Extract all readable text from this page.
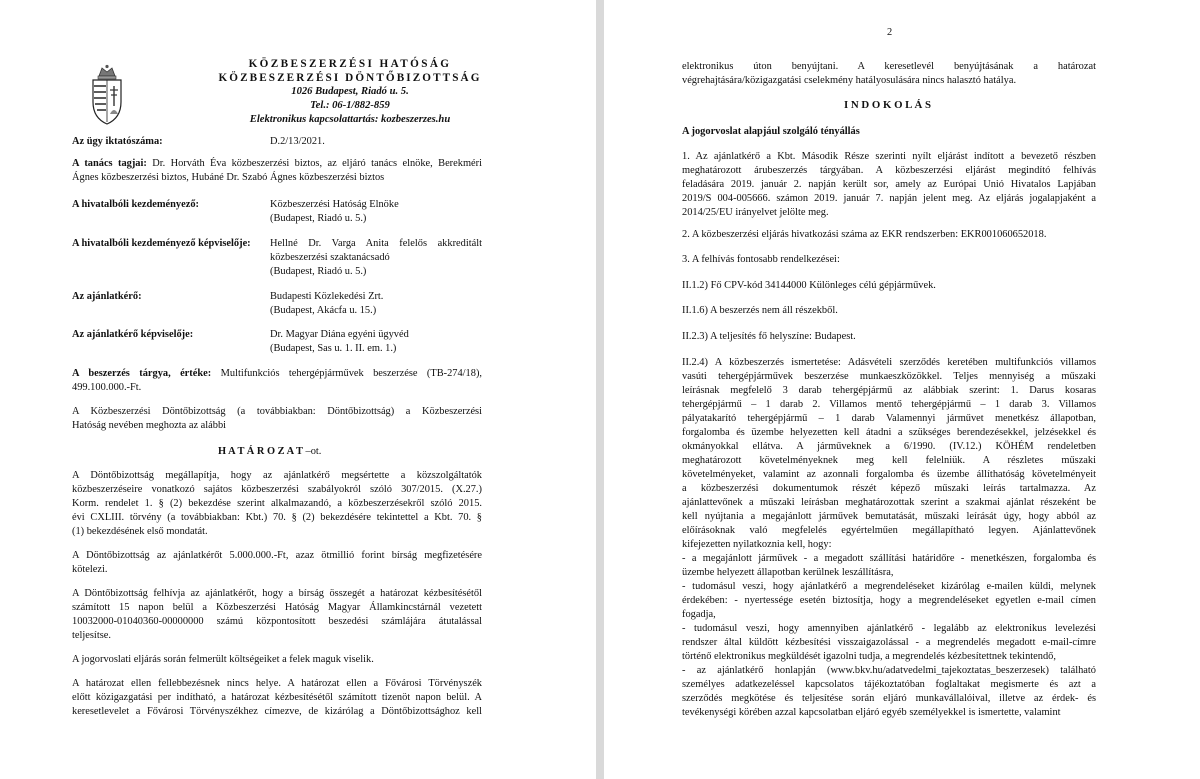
KÖZBESZERZÉSI HATÓSÁG
KÖZBESZERZÉSI DÖNTŐBIZOTTSÁG
1026 Budapest, Riadó u. 5.
Tel.: 06-1/882-859
Elektronikus kapcsolattartás: kozbeszerzes.hu
Az ügy iktatószáma:	D.2/13/2021.
A tanács tagjai: Dr. Horváth Éva közbeszerzési biztos, az eljáró tanács elnöke, Berekméri
Ágnes közbeszerzési biztos, Hubáné Dr. Szabó Ágnes közbeszerzési biztos
A hivatalbóli kezdeményező:	Közbeszerzési Hatóság Elnöke
(Budapest, Riadó u. 5.)
A hivatalbóli kezdeményező képviselője: Hellné Dr. Varga Anita felelős akkreditált
közbeszerzési szaktanácsadó
(Budapest, Riadó u. 5.)
Az ajánlatkérő:	Budapesti Közlekedési Zrt.
(Budapest, Akácfa u. 15.)
Az ajánlatkérő képviselője:	Dr. Magyar Diána egyéni ügyvéd
(Budapest, Sas u. 1. II. em. 1.)
A beszerzés tárgya, értéke: Multifunkciós tehergépjárművek beszerzése (TB-274/18),
499.100.000.-Ft.
A Közbeszerzési Döntőbizottság (a továbbiakban: Döntőbizottság) a Közbeszerzési
Hatóság nevében meghozta az alábbi
H A T Á R O Z A T –ot.
A Döntőbizottság megállapítja, hogy az ajánlatkérő megsértette a közszolgáltatók
közbeszerzéseire vonatkozó sajátos közbeszerzési szabályokról szóló 307/2015. (X.27.)
Korm. rendelet 1. § (2) bekezdése szerint alkalmazandó, a közbeszerzésekről szóló 2015.
évi CXLIII. törvény (a továbbiakban: Kbt.) 70. § (2) bekezdésére tekintettel a Kbt. 70. §
(1) bekezdésének első mondatát.
A Döntőbizottság az ajánlatkérőt 5.000.000.-Ft, azaz ötmillió forint bírság megfizetésére
kötelezi.
A Döntőbizottság felhívja az ajánlatkérőt, hogy a bírság összegét a határozat kézbesítésétől
számított 15 napon belül a Közbeszerzési Hatóság Magyar Államkincstárnál vezetett
10032000-01040360-00000000 számú központosított beszedési számlájára átutalással
teljesítse.
A jogorvoslati eljárás során felmerült költségeiket a felek maguk viselik.
A határozat ellen fellebbezésnek nincs helye. A határozat ellen a Fővárosi Törvényszék
előtt közigazgatási per indítható, a határozat kézbesítésétől számított tizenöt napon belül. A
keresetlevelet a Fővárosi Törvényszékhez címezve, de kizárólag a Döntőbizottsághoz kell
2
elektronikus úton benyújtani. A keresetlevél benyújtásának a határozat
végrehajtására/közigazgatási cselekmény hatályosulására nincs halasztó hatálya.
I N D O K O L Á S
A jogorvoslat alapjául szolgáló tényállás
1. Az ajánlatkérő a Kbt. Második Része szerinti nyílt eljárást indított a bevezető részben
meghatározott árubeszerzés tárgyában. A közbeszerzési eljárást megindító felhívás
feladására 2019. január 2. napján került sor, amely az Európai Unió Hivatalos Lapjában
2019/S 004-005666. számon 2019. január 7. napján jelent meg. Az eljárás jogalapjaként a
2014/25/EU irányelvet jelölte meg.
2. A közbeszerzési eljárás hivatkozási száma az EKR rendszerben: EKR001060652018.
3. A felhívás fontosabb rendelkezései:
II.1.2) Fő CPV-kód 34144000 Különleges célú gépjárművek.
II.1.6) A beszerzés nem áll részekből.
II.2.3) A teljesítés fő helyszíne: Budapest.
II.2.4) A közbeszerzés ismertetése: Adásvételi szerződés keretében multifunkciós villamos
vasúti tehergépjárművek beszerzése munkaeszközökkel. Teljes mennyiség a műszaki
leírásnak megfelelő 3 darab tehergépjármű az alábbiak szerint: 1. Darus kosaras
tehergépjármű – 1 darab 2. Villamos mentő tehergépjármű – 1 darab 3. Villamos
pályatakarító tehergépjármű – 1 darab Valamennyi járművet menetkész állapotban,
forgalomba és üzembe helyezetten kell átadni a szükséges berendezésekkel, jelzésekkel és
okmányokkal ellátva. A járműveknek a 6/1990. (IV.12.) KÖHÉM rendeletben
meghatározott követelményeknek meg kell felelniük. A részletes műszaki
követelményeket, valamint az azonnali forgalomba és üzembe állíthatóság követelményeit
a közbeszerzési dokumentumok részét képező műszaki leírás tartalmazza. Az
ajánlattevőnek a műszaki leírásban meghatározottak szerint a szakmai ajánlat részeként be
kell nyújtania a megajánlott járművek bemutatását, műszaki leírását úgy, hogy abból az
előírásoknak való megfelelés egyértelműen megállapítható legyen. Ajánlattevőnek
kifejezetten nyilatkoznia kell, hogy:
- a megajánlott járművek - a megadott szállítási határidőre - menetkészen, forgalomba és
üzembe helyezett állapotban kerülnek leszállításra,
- tudomásul veszi, hogy ajánlatkérő a megrendeléseket kizárólag e-mailen küldi, melynek
érdekében: - nyertessége esetén biztosítja, hogy a megrendeléseket egyetlen e-mail címen
fogadja,
- tudomásul veszi, hogy amennyiben ajánlatkérő - legalább az elektronikus levelezési
rendszer által küldött kézbesítési visszaigazolással - a megrendelés megadott e-mail-címre
történő elektronikus megküldését igazolni tudja, a megrendelés kézbesítettnek tekintendő,
- az ajánlatkérő honlapján (www.bkv.hu/adatvedelmi_tajekoztatas_beszerzesek) található
személyes adatkezeléssel kapcsolatos tájékoztatóban foglaltakat megismerte és azt a
szerződés megkötése és teljesítése során eljáró munkavállalóival, illetve az érdek- és
tevékenységi körében azzal kapcsolatban eljáró egyéb személyekkel is ismertette, valamint
